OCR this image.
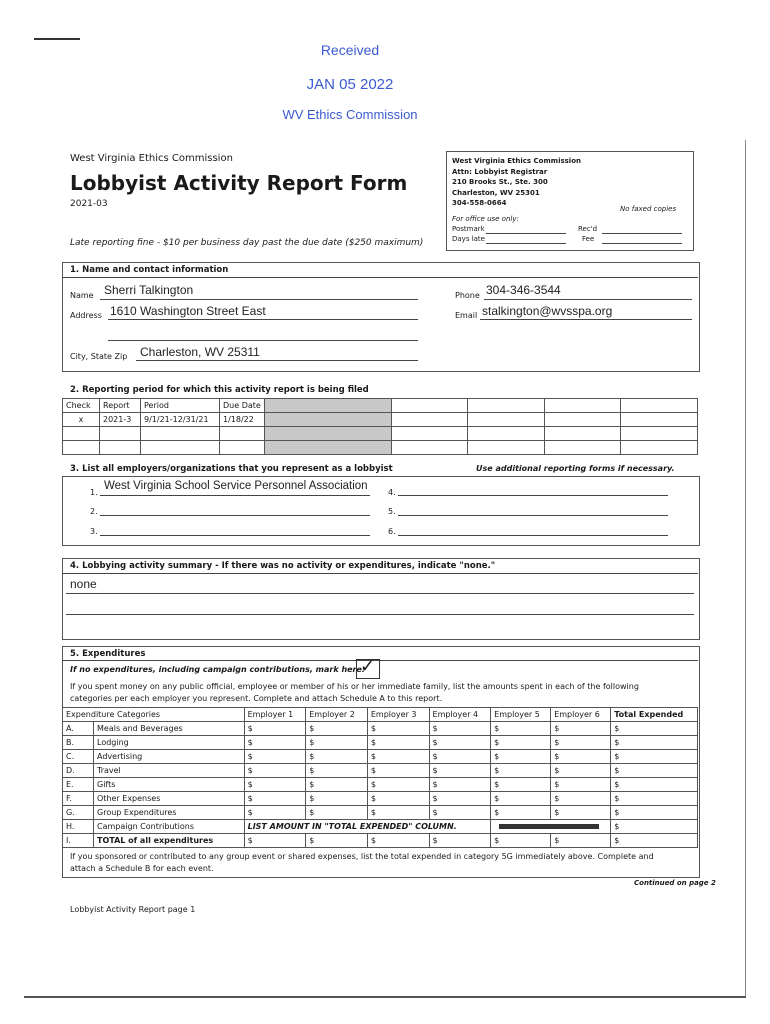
Received
JAN 05 2022
WV Ethics Commission
West Virginia Ethics Commission
Lobbyist Activity Report Form
2021-03
Late reporting fine - $10 per business day past the due date ($250 maximum)
West Virginia Ethics Commission
Attn: Lobbyist Registrar
210 Brooks St., Ste. 300
Charleston, WV 25301
304-558-0664
No faxed copies
For office use only:
Postmark	Rec'd
Days late	Fee
1. Name and contact information
Name Sherri Talkington	Phone 304-346-3544
Address 1610 Washington Street East	Email stalkington@wvsspa.org
City, State Zip Charleston, WV 25311
2. Reporting period for which this activity report is being filed
Check	Report	Period	Due Date					
x	2021-3	9/1/21-12/31/21	1/18/22					

3. List all employers/organizations that you represent as a lobbyist	Use additional reporting forms if necessary.
1.
West Virginia School Service Personnel Association
2.
3.
4.
5.
6.
4. Lobbying activity summary - If there was no activity or expenditures, indicate "none."
none
5. Expenditures
If no expenditures, including campaign contributions, mark here:
✓
If you spent money on any public official, employee or member of his or her immediate family, list the amounts spent in each of the following
categories per each employer you represent. Complete and attach Schedule A to this report.
Expenditure Categories		Employer 1	Employer 2	Employer 3	Employer 4	Employer 5	Employer 6	Total Expended
A.	Meals and Beverages	$	$	$	$	$	$	$
B.	Lodging	$	$	$	$	$	$	$
C.	Advertising	$	$	$	$	$	$	$
D.	Travel	$	$	$	$	$	$	$
E.	Gifts	$	$	$	$	$	$	$
F.	Other Expenses	$	$	$	$	$	$	$
G.	Group Expenditures	$	$	$	$	$	$	$
H.	Campaign Contributions	LIST AMOUNT IN "TOTAL EXPENDED" COLUMN.						$
I.	TOTAL of all expenditures	$	$	$	$	$	$	$
If you sponsored or contributed to any group event or shared expenses, list the total expended in category 5G immediately above. Complete and
attach a Schedule B for each event.
Continued on page 2
Lobbyist Activity Report page 1
